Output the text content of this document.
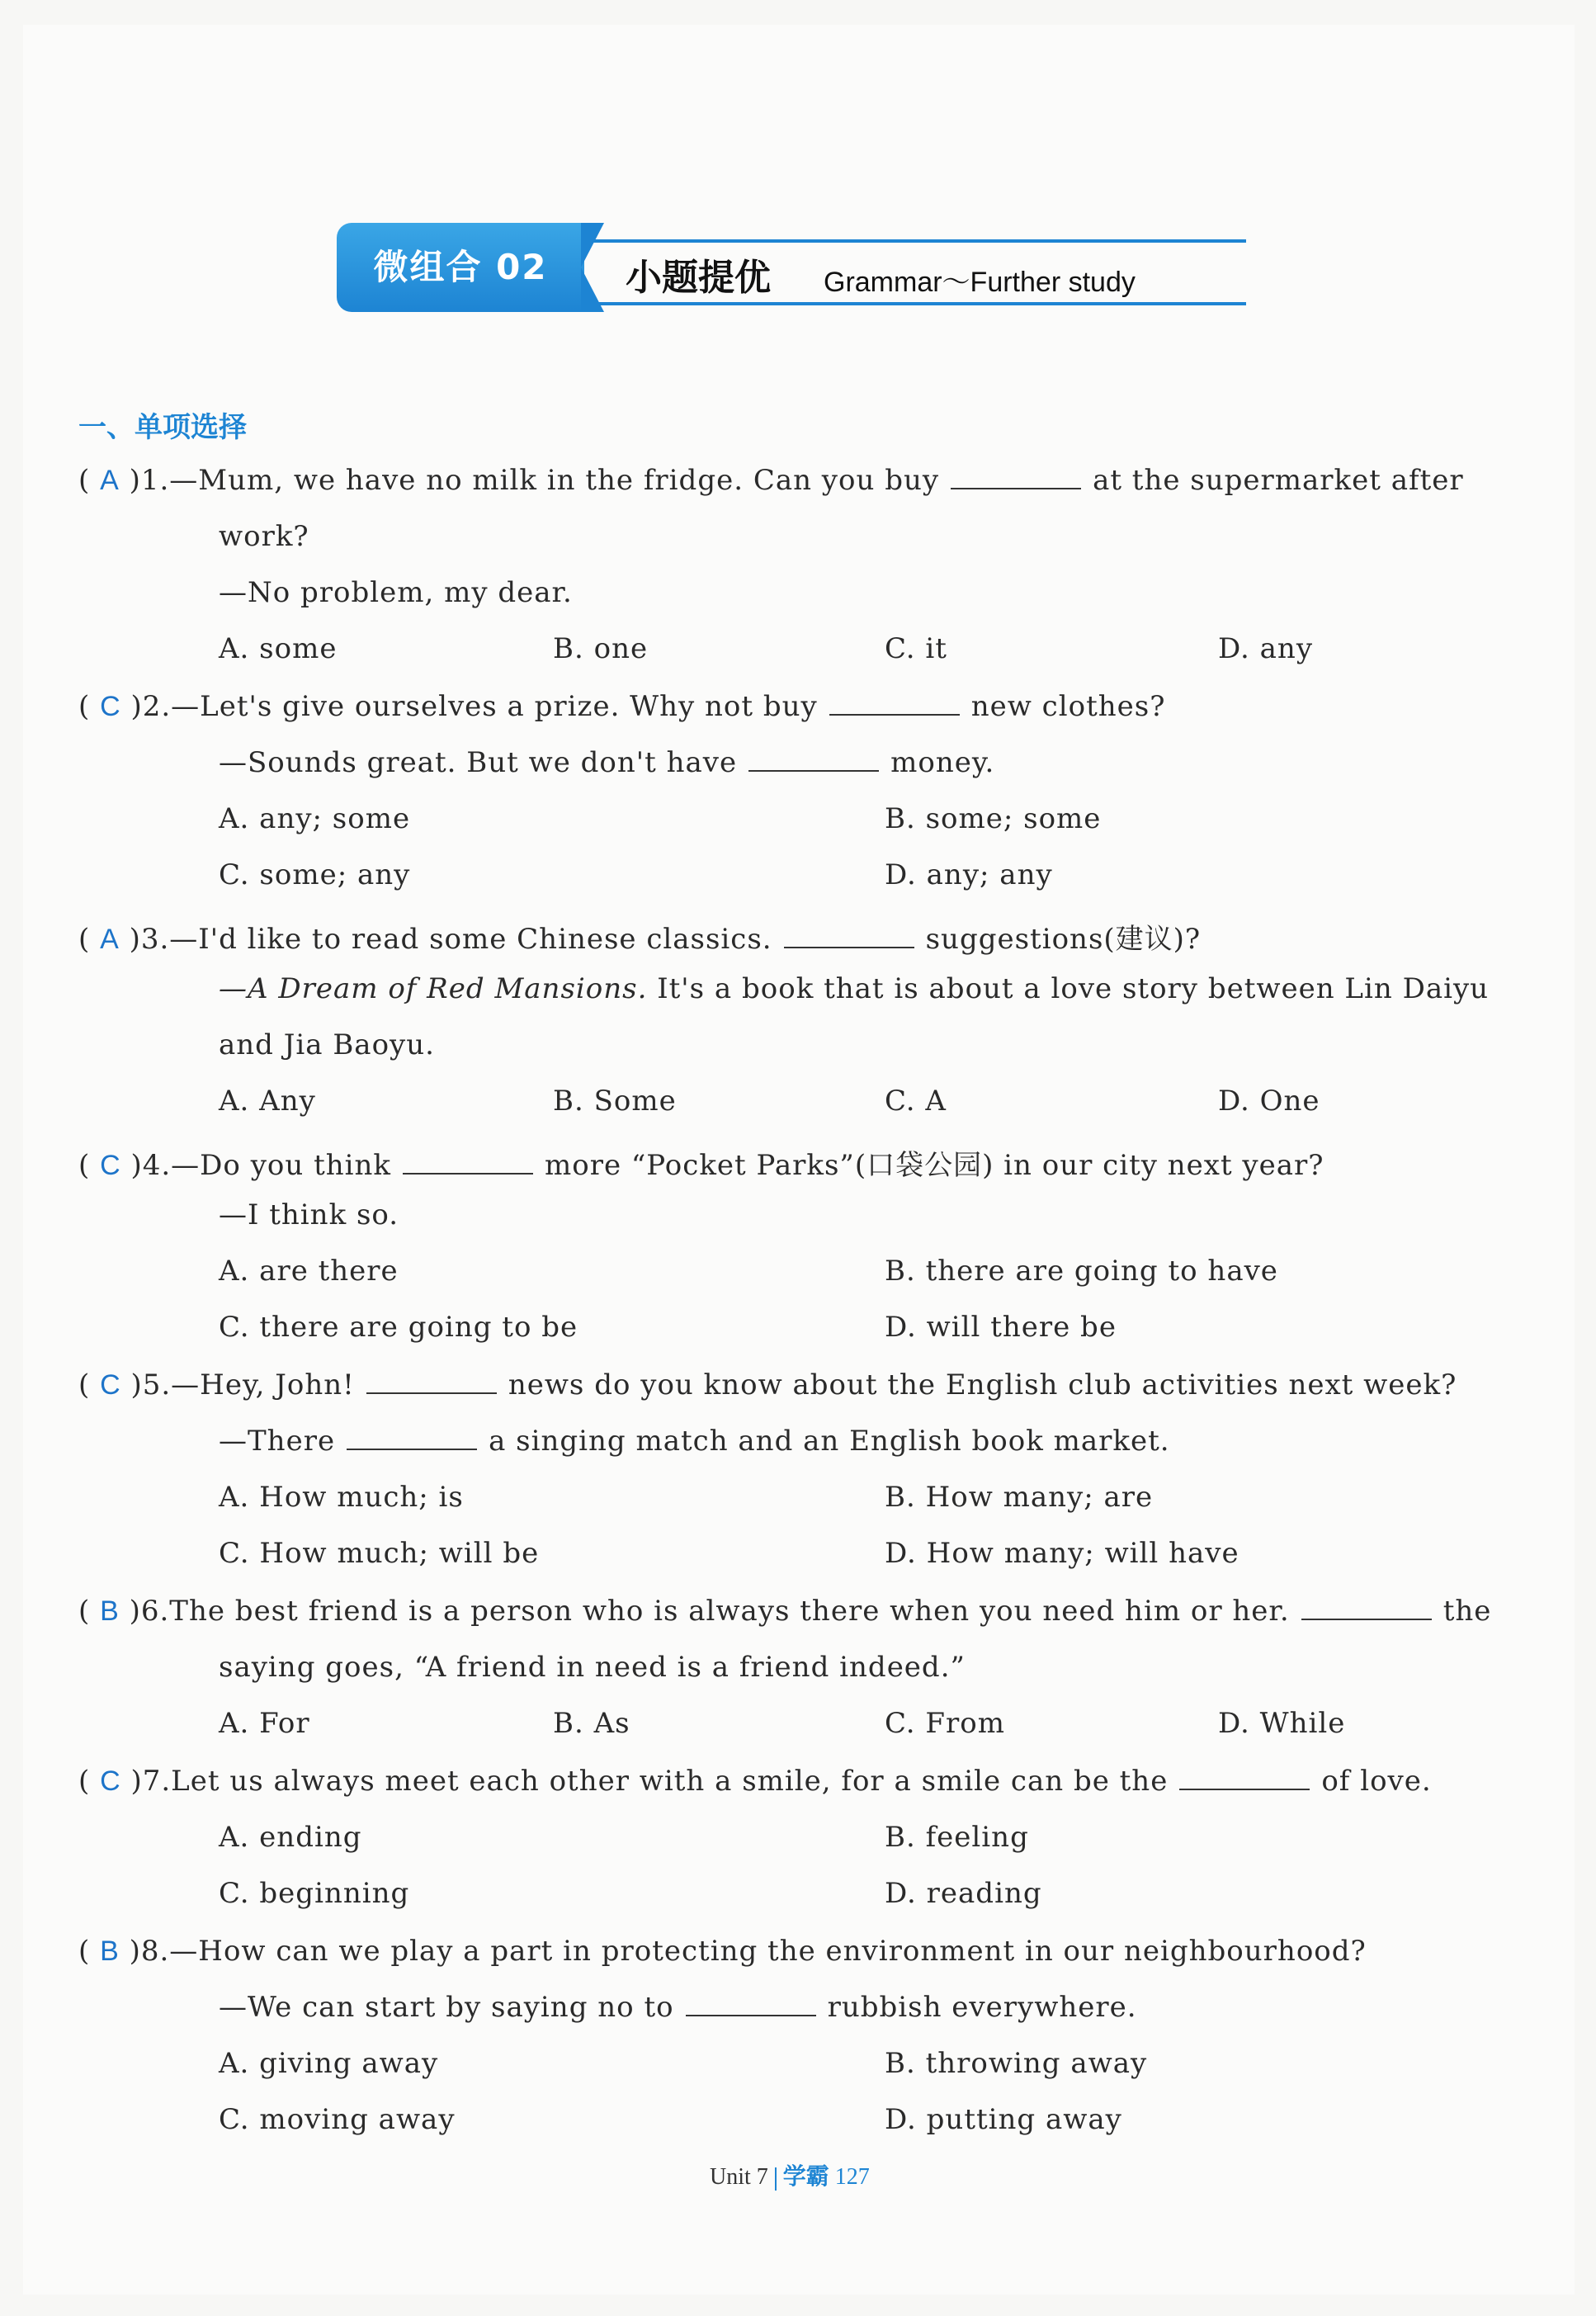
微组合 02	小题提优 Grammar～Further study
一、单项选择
( A )1.—Mum, we have no milk in the fridge. Can you buy	at the supermarket after
work?
—No problem, my dear.
A. some	B. one	C. it	D. any
( C )2.—Let's give ourselves a prize. Why not buy	new clothes?
—Sounds great. But we don't have	money.
A. any; some	B. some; some
C. some; any	D. any; any
( A )3.—I'd like to read some Chinese classics.	suggestions(建议)?
—A Dream of Red Mansions. It's a book that is about a love story between Lin Daiyu
and Jia Baoyu.
A. Any	B. Some	C. A	D. One
( C )4.—Do you think	more “Pocket Parks”(口袋公园) in our city next year?
—I think so.
A. are there	B. there are going to have
C. there are going to be	D. will there be
( C )5.—Hey, John!	news do you know about the English club activities next week?
—There	a singing match and an English book market.
A. How much; is	B. How many; are
C. How much; will be	D. How many; will have
( B )6.The best friend is a person who is always there when you need him or her.	the
saying goes, “A friend in need is a friend indeed.”
A. For	B. As	C. From	D. While
( C )7.Let us always meet each other with a smile, for a smile can be the	of love.
A. ending	B. feeling
C. beginning	D. reading
( B )8.—How can we play a part in protecting the environment in our neighbourhood?
—We can start by saying no to	rubbish everywhere.
A. giving away	B. throwing away
C. moving away	D. putting away
Unit 7 学霸 127
